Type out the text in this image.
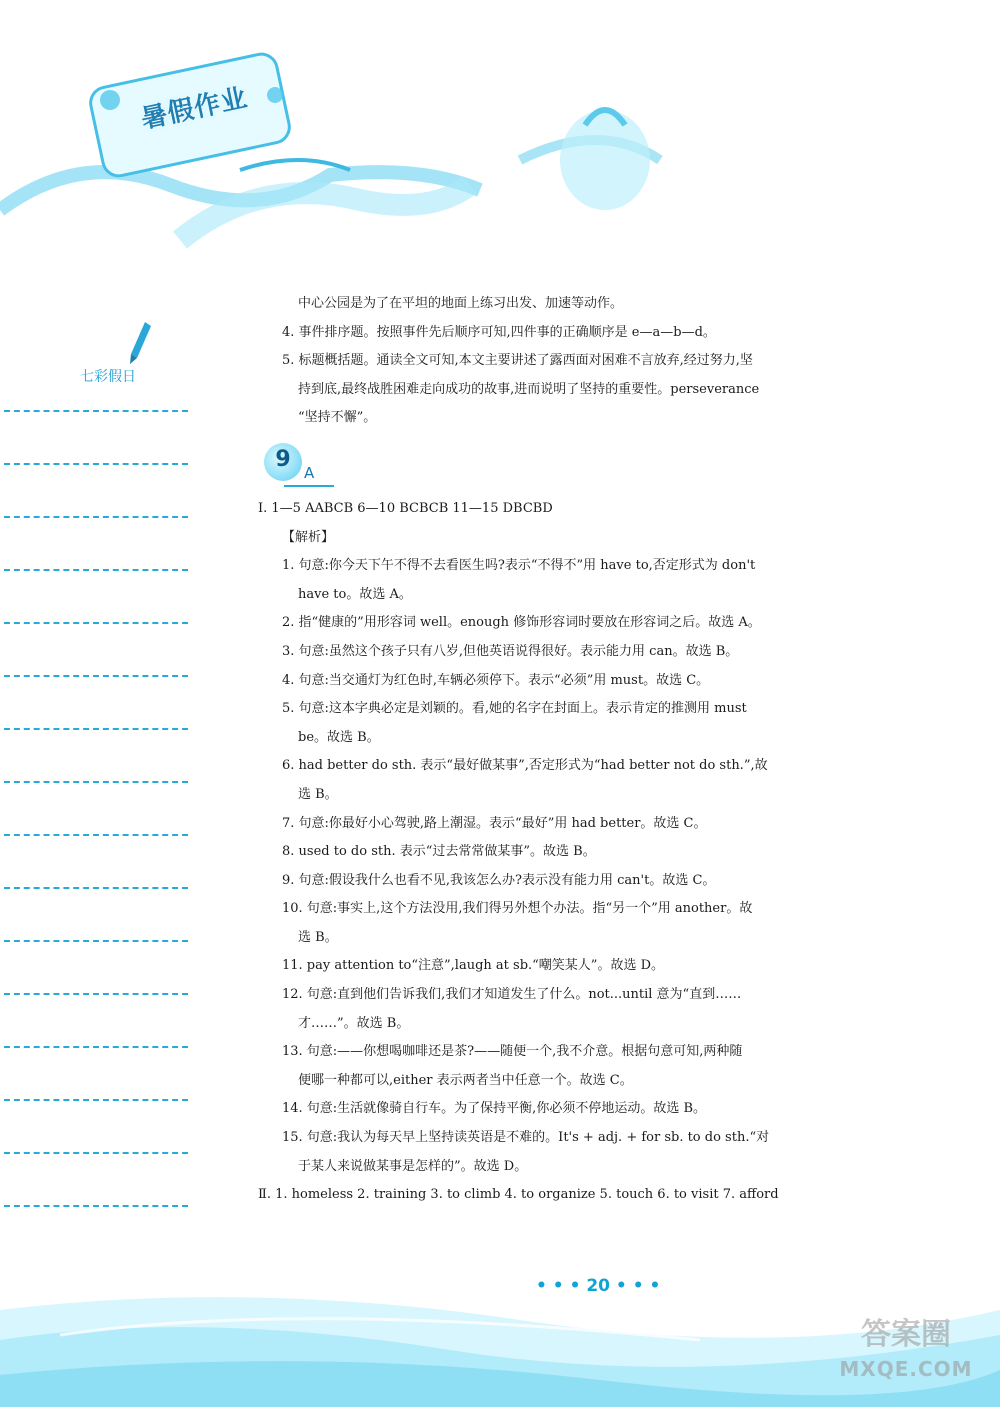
暑假作业
七彩假日
中心公园是为了在平坦的地面上练习出发、加速等动作。
4. 事件排序题。按照事件先后顺序可知,四件事的正确顺序是 e—a—b—d。
5. 标题概括题。通读全文可知,本文主要讲述了露西面对困难不言放弃,经过努力,坚
持到底,最终战胜困难走向成功的故事,进而说明了坚持的重要性。perseverance
“坚持不懈”。
9
A
Ⅰ. 1—5 AABCB 6—10 BCBCB 11—15 DBCBD
【解析】
1. 句意:你今天下午不得不去看医生吗?表示“不得不”用 have to,否定形式为 don't
have to。故选 A。
2. 指“健康的”用形容词 well。enough 修饰形容词时要放在形容词之后。故选 A。
3. 句意:虽然这个孩子只有八岁,但他英语说得很好。表示能力用 can。故选 B。
4. 句意:当交通灯为红色时,车辆必须停下。表示“必须”用 must。故选 C。
5. 句意:这本字典必定是刘颖的。看,她的名字在封面上。表示肯定的推测用 must
be。故选 B。
6. had better do sth. 表示“最好做某事”,否定形式为“had better not do sth.”,故
选 B。
7. 句意:你最好小心驾驶,路上潮湿。表示“最好”用 had better。故选 C。
8. used to do sth. 表示“过去常常做某事”。故选 B。
9. 句意:假设我什么也看不见,我该怎么办?表示没有能力用 can't。故选 C。
10. 句意:事实上,这个方法没用,我们得另外想个办法。指“另一个”用 another。故
选 B。
11. pay attention to“注意”,laugh at sb.“嘲笑某人”。故选 D。
12. 句意:直到他们告诉我们,我们才知道发生了什么。not...until 意为“直到……
才……”。故选 B。
13. 句意:——你想喝咖啡还是茶?——随便一个,我不介意。根据句意可知,两种随
便哪一种都可以,either 表示两者当中任意一个。故选 C。
14. 句意:生活就像骑自行车。为了保持平衡,你必须不停地运动。故选 B。
15. 句意:我认为每天早上坚持读英语是不难的。It's + adj. + for sb. to do sth.“对
于某人来说做某事是怎样的”。故选 D。
Ⅱ. 1. homeless 2. training 3. to climb 4. to organize 5. touch 6. to visit 7. afford
• • • 20 • • •
答案圈
MXQE.COM
